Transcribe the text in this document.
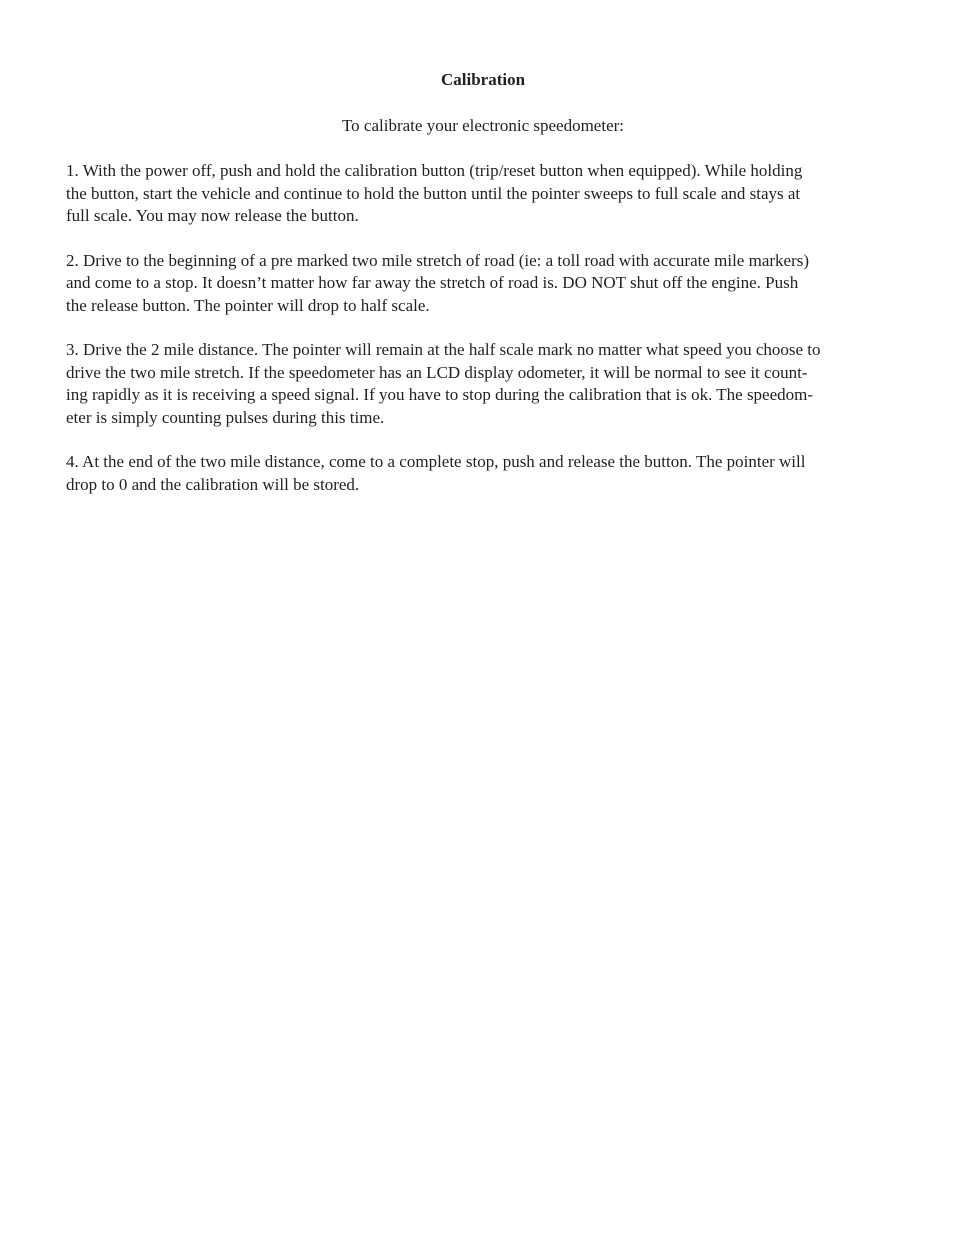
Calibration

To calibrate your electronic speedometer:

1. With the power off, push and hold the calibration button (trip/reset button when equipped). While holding
the button, start the vehicle and continue to hold the button until the pointer sweeps to full scale and stays at
full scale. You may now release the button.

2. Drive to the beginning of a pre marked two mile stretch of road (ie: a toll road with accurate mile markers)
and come to a stop. It doesn’t matter how far away the stretch of road is. DO NOT shut off the engine. Push
the release button. The pointer will drop to half scale.

3. Drive the 2 mile distance. The pointer will remain at the half scale mark no matter what speed you choose to
drive the two mile stretch. If the speedometer has an LCD display odometer, it will be normal to see it count-
ing rapidly as it is receiving a speed signal. If you have to stop during the calibration that is ok. The speedom-
eter is simply counting pulses during this time.

4. At the end of the two mile distance, come to a complete stop, push and release the button. The pointer will
drop to 0 and the calibration will be stored.
